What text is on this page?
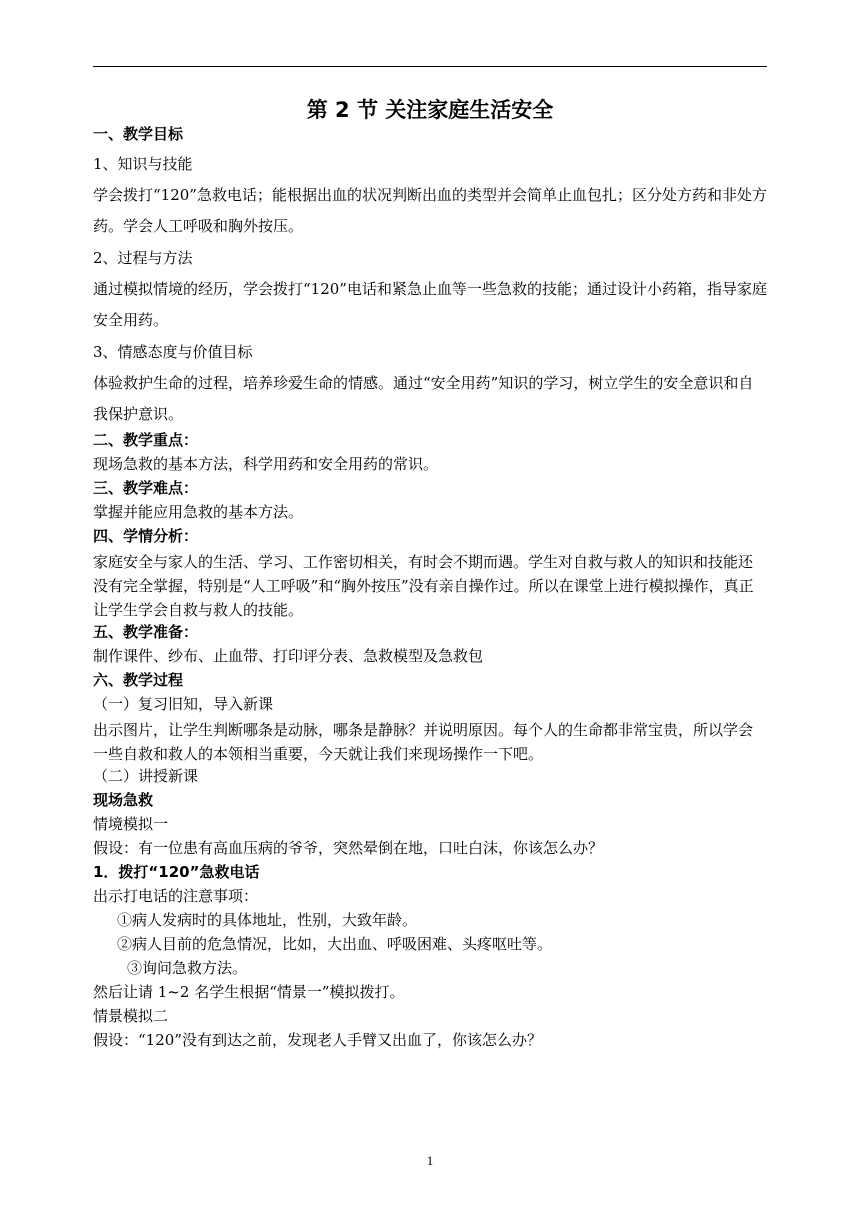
第 2 节 关注家庭生活安全
一、教学目标
1、知识与技能
学会拨打“120”急救电话；能根据出血的状况判断出血的类型并会简单止血包扎；区分处方药和非处方药。学会人工呼吸和胸外按压。
2、过程与方法
通过模拟情境的经历，学会拨打“120”电话和紧急止血等一些急救的技能；通过设计小药箱，指导家庭安全用药。
3、情感态度与价值目标
体验救护生命的过程，培养珍爱生命的情感。通过“安全用药”知识的学习，树立学生的安全意识和自我保护意识。
二、教学重点：
现场急救的基本方法，科学用药和安全用药的常识。
三、教学难点：
掌握并能应用急救的基本方法。
四、学情分析：
家庭安全与家人的生活、学习、工作密切相关，有时会不期而遇。学生对自救与救人的知识和技能还没有完全掌握，特别是“人工呼吸”和“胸外按压”没有亲自操作过。所以在课堂上进行模拟操作，真正让学生学会自救与救人的技能。
五、教学准备：
制作课件、纱布、止血带、打印评分表、急救模型及急救包
六、教学过程
（一）复习旧知，导入新课
出示图片，让学生判断哪条是动脉，哪条是静脉？并说明原因。每个人的生命都非常宝贵，所以学会一些自救和救人的本领相当重要，今天就让我们来现场操作一下吧。
（二）讲授新课
现场急救
情境模拟一
假设：有一位患有高血压病的爷爷，突然晕倒在地，口吐白沫，你该怎么办？
1．拨打“120”急救电话
出示打电话的注意事项：
①病人发病时的具体地址，性别，大致年龄。
②病人目前的危急情况，比如，大出血、呼吸困难、头疼呕吐等。
③询问急救方法。
然后让请 1~2 名学生根据“情景一”模拟拨打。
情景模拟二
假设：“120”没有到达之前，发现老人手臂又出血了，你该怎么办？
1
